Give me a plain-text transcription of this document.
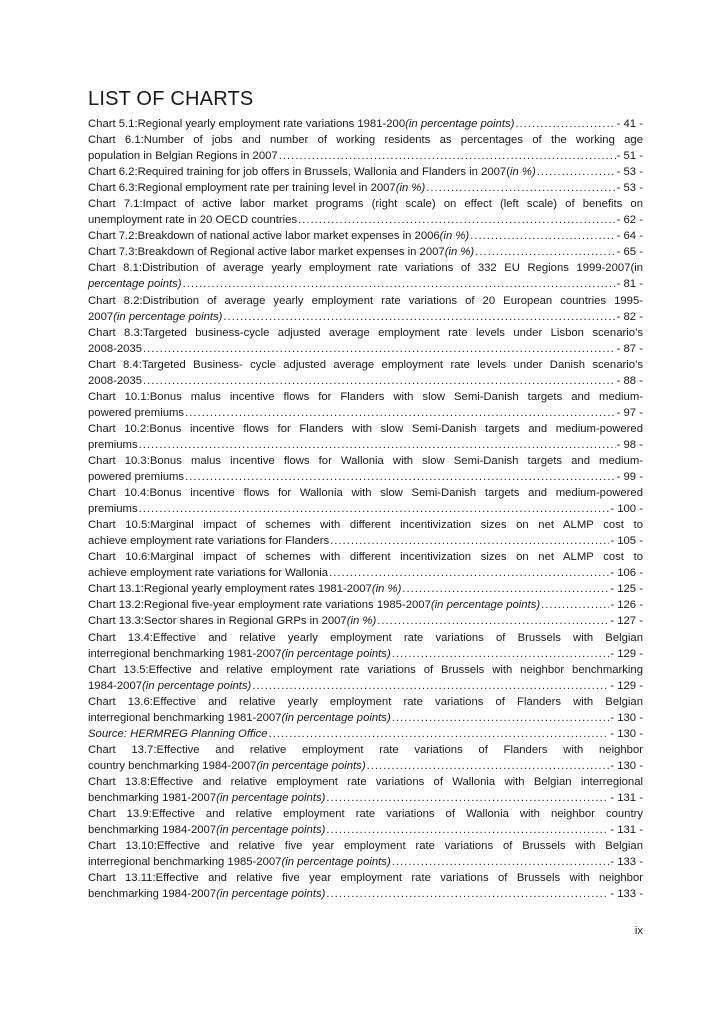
LIST OF CHARTS
Chart 5.1:Regional yearly employment rate variations 1981-200(in percentage points) .....	- 41 -
Chart 6.1:Number of jobs and number of working residents as percentages of the working age
population in Belgian Regions in 2007 .....	- 51 -
Chart 6.2:Required training for job offers in Brussels, Wallonia and Flanders in 2007(in %) .....	- 53 -
Chart 6.3:Regional employment rate per training level in 2007(in %) .....	- 53 -
Chart 7.1:Impact of active labor market programs (right scale) on effect (left scale) of benefits on
unemployment rate in 20 OECD countries .....	- 62 -
Chart 7.2:Breakdown of national active labor market expenses in 2006(in %) .....	- 64 -
Chart 7.3:Breakdown of Regional active labor market expenses in 2007(in %) .....	- 65 -
Chart 8.1:Distribution of average yearly employment rate variations of 332 EU Regions 1999-2007(in
percentage points) .....	- 81 -
Chart 8.2:Distribution of average yearly employment rate variations of 20 European countries 1995-
2007(in percentage points) .....	- 82 -
Chart 8.3:Targeted business-cycle adjusted average employment rate levels under Lisbon scenario’s
2008-2035 .....	- 87 -
Chart 8.4:Targeted Business- cycle adjusted average employment rate levels under Danish scenario’s
2008-2035 .....	- 88 -
Chart 10.1:Bonus malus incentive flows for Flanders with slow Semi-Danish targets and medium-
powered premiums .....	- 97 -
Chart 10.2:Bonus incentive flows for Flanders with slow Semi-Danish targets and medium-powered
premiums .....	- 98 -
Chart 10.3:Bonus malus incentive flows for Wallonia with slow Semi-Danish targets and medium-
powered premiums .....	- 99 -
Chart 10.4:Bonus incentive flows for Wallonia with slow Semi-Danish targets and medium-powered
premiums .....	- 100 -
Chart 10.5:Marginal impact of schemes with different incentivization sizes on net ALMP cost to
achieve employment rate variations for Flanders .....	- 105 -
Chart 10.6:Marginal impact of schemes with different incentivization sizes on net ALMP cost to
achieve employment rate variations for Wallonia .....	- 106 -
Chart 13.1:Regional yearly employment rates 1981-2007(in %) .....	- 125 -
Chart 13.2:Regional five-year employment rate variations 1985-2007(in percentage points) .....	- 126 -
Chart 13.3:Sector shares in Regional GRPs in 2007(in %) .....	- 127 -
Chart 13.4:Effective and relative yearly employment rate variations of Brussels with Belgian
interregional benchmarking 1981-2007(in percentage points) .....	- 129 -
Chart 13.5:Effective and relative employment rate variations of Brussels with neighbor benchmarking
1984-2007(in percentage points) .....	- 129 -
Chart 13.6:Effective and relative yearly employment rate variations of Flanders with Belgian
interregional benchmarking 1981-2007(in percentage points) .....	- 130 -
Source: HERMREG Planning Office .....	- 130 -
Chart 13.7:Effective and relative employment rate variations of Flanders with neighbor
country benchmarking 1984-2007(in percentage points) .....	- 130 -
Chart 13.8:Effective and relative employment rate variations of Wallonia with Belgian interregional
benchmarking 1981-2007(in percentage points) .....	- 131 -
Chart 13.9:Effective and relative employment rate variations of Wallonia with neighbor country
benchmarking 1984-2007(in percentage points) .....	- 131 -
Chart 13.10:Effective and relative five year employment rate variations of Brussels with Belgian
interregional benchmarking 1985-2007(in percentage points) .....	- 133 -
Chart 13.11:Effective and relative five year employment rate variations of Brussels with neighbor
benchmarking 1984-2007(in percentage points) .....	- 133 -
ix
